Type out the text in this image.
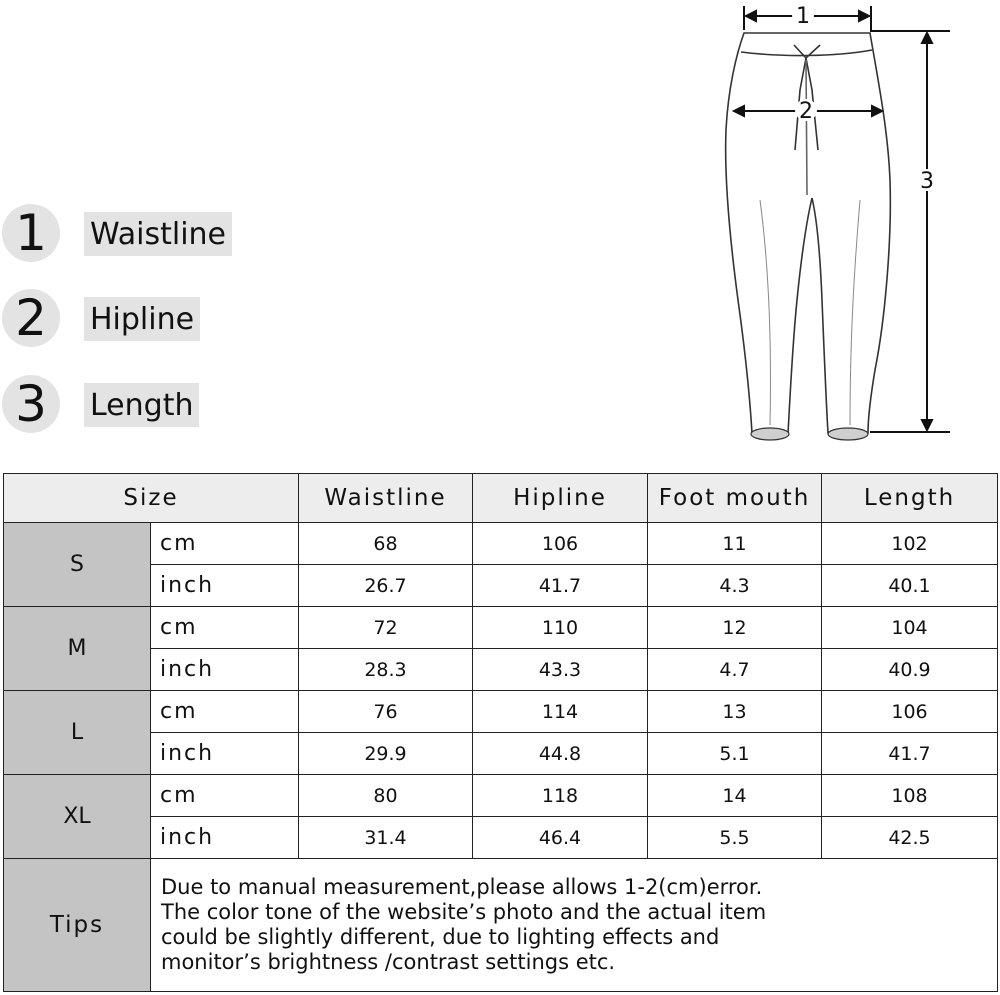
1	Waistline
2	Hipline
3	Length
1
2
3
Size		Waistline	Hipline	Foot mouth	Length
S	cm	68	106	11	102
	inch	26.7	41.7	4.3	40.1
M	cm	72	110	12	104
	inch	28.3	43.3	4.7	40.9
L	cm	76	114	13	106
	inch	29.9	44.8	5.1	41.7
XL	cm	80	118	14	108
	inch	31.4	46.4	5.5	42.5
Tips	Due to manual measurement,please allows 1-2(cm)error.
The color tone of the website’s photo and the actual item
could be slightly different, due to lighting effects and
monitor’s brightness /contrast settings etc.				
